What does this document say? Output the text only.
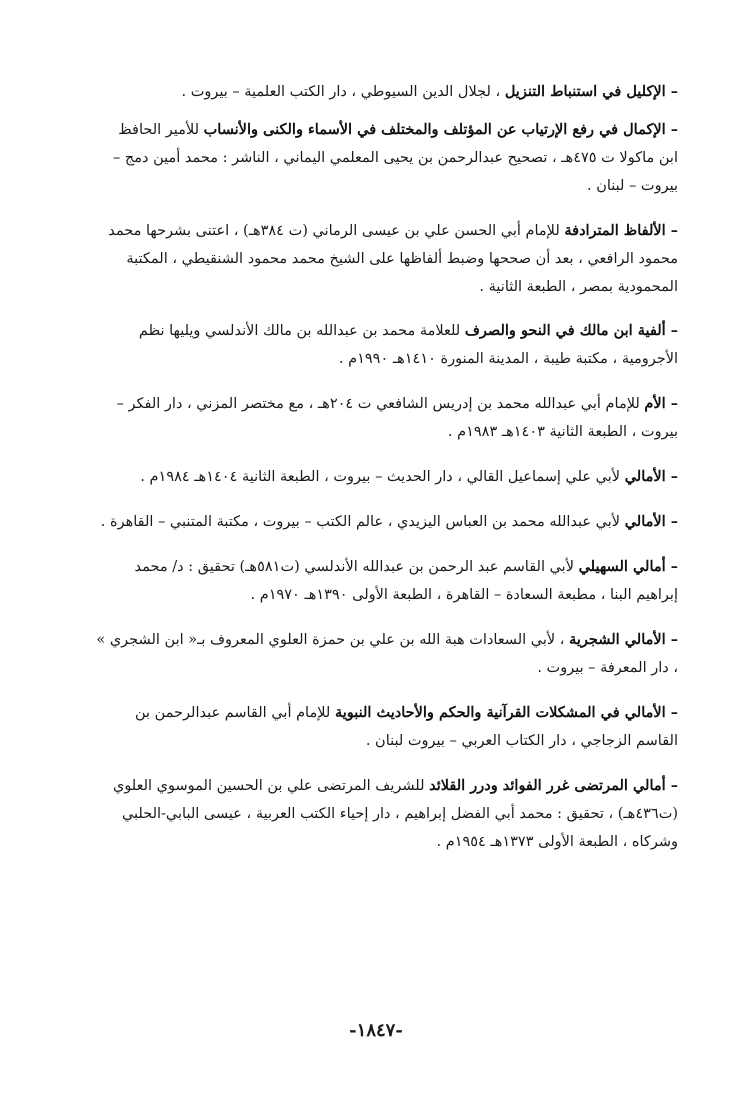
– الإكليل في استنباط التنزيل ، لجلال الدين السيوطي ، دار الكتب العلمية – بيروت .

– الإكمال في رفع الإرتياب عن المؤتلف والمختلف في الأسماء والكنى والأنساب للأمير الحافظ ابن ماكولا ت ٤٧٥هـ ، تصحيح عبدالرحمن بن يحيى المعلمي اليماني ، الناشر : محمد أمين دمج – بيروت – لبنان .

– الألفاظ المترادفة للإمام أبي الحسن علي بن عيسى الرماني (ت ٣٨٤هـ) ، اعتنى بشرحها محمد محمود الرافعي ، بعد أن صححها وضبط ألفاظها على الشيخ محمد محمود الشنقيطي ، المكتبة المحمودية بمصر ، الطبعة الثانية .

– ألفية ابن مالك في النحو والصرف للعلامة محمد بن عبدالله بن مالك الأندلسي ويليها نظم الأجرومية ، مكتبة طيبة ، المدينة المنورة ١٤١٠هـ ١٩٩٠م .

– الأم للإمام أبي عبدالله محمد بن إدريس الشافعي ت ٢٠٤هـ ، مع مختصر المزني ، دار الفكر – بيروت ، الطبعة الثانية ١٤٠٣هـ ١٩٨٣م .

– الأمالي لأبي علي إسماعيل القالي ، دار الحديث – بيروت ، الطبعة الثانية ١٤٠٤هـ ١٩٨٤م .

– الأمالي لأبي عبدالله محمد بن العباس اليزيدي ، عالم الكتب – بيروت ، مكتبة المتنبي – القاهرة .

– أمالي السهيلي لأبي القاسم عبد الرحمن بن عبدالله الأندلسي (ت٥٨١هـ) تحقيق : د/ محمد إبراهيم البنا ، مطبعة السعادة – القاهرة ، الطبعة الأولى ١٣٩٠هـ ١٩٧٠م .

– الأمالي الشجرية ، لأبي السعادات هبة الله بن علي بن حمزة العلوي المعروف بـ« ابن الشجري » ، دار المعرفة – بيروت .

– الأمالي في المشكلات القرآنية والحكم والأحاديث النبوية للإمام أبي القاسم عبدالرحمن بن القاسم الزجاجي ، دار الكتاب العربي – بيروت لبنان .

– أمالي المرتضى غرر الفوائد ودرر القلائد للشريف المرتضى علي بن الحسين الموسوي العلوي (ت٤٣٦هـ) ، تحقيق : محمد أبي الفضل إبراهيم ، دار إحياء الكتب العربية ، عيسى البابي-الحلبي وشركاه ، الطبعة الأولى ١٣٧٣هـ ١٩٥٤م .

-١٨٤٧-
